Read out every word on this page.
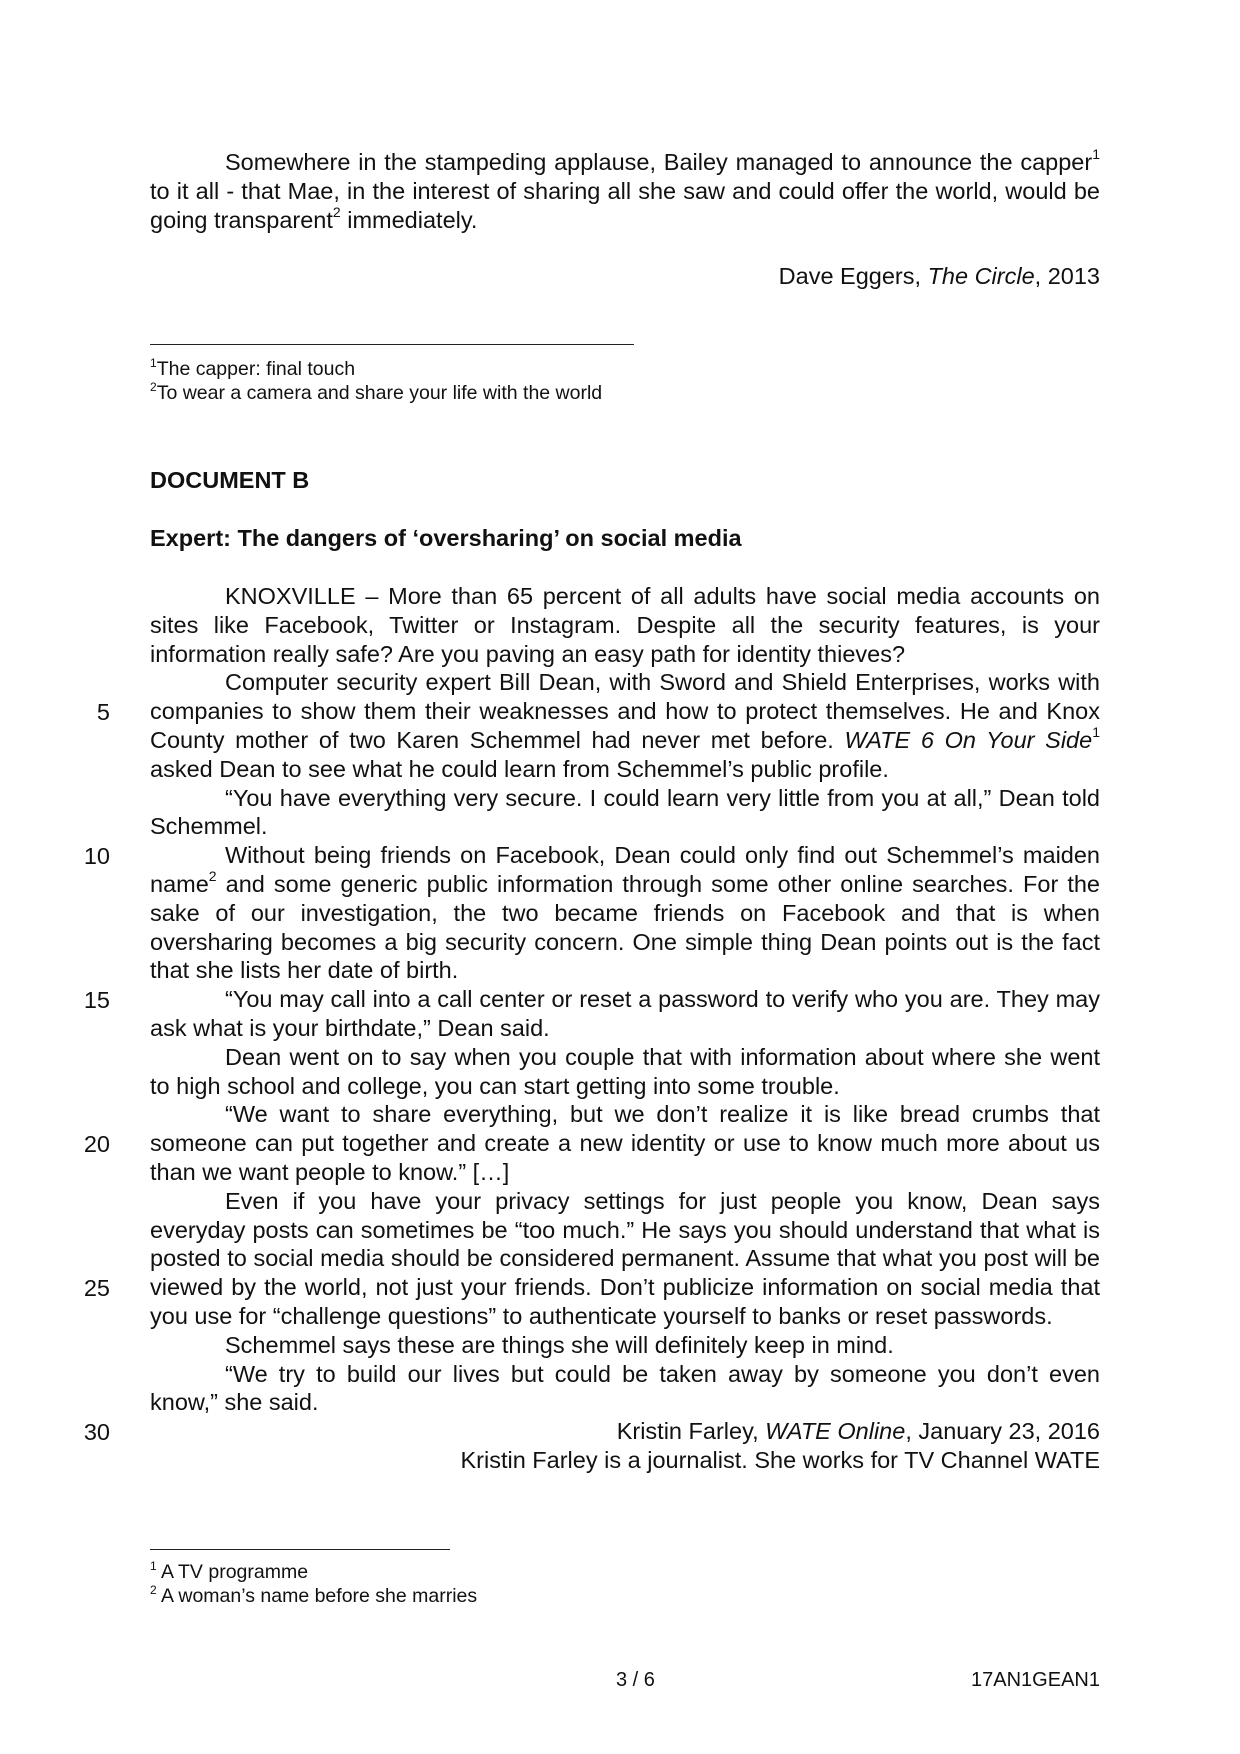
Somewhere in the stampeding applause, Bailey managed to announce the capper$^1$ to it all - that Mae, in the interest of sharing all she saw and could offer the world, would be going transparent$^2$ immediately.
Dave Eggers, The Circle, 2013
$^1$The capper: final touch
$^2$To wear a camera and share your life with the world
DOCUMENT B
Expert: The dangers of ‘oversharing’ on social media

KNOXVILLE – More than 65 percent of all adults have social media accounts on sites like Facebook, Twitter or Instagram. Despite all the security features, is your information really safe? Are you paving an easy path for identity thieves?

Computer security expert Bill Dean, with Sword and Shield Enterprises, works with companies to show them their weaknesses and how to protect themselves. He and Knox County mother of two Karen Schemmel had never met before. WATE 6 On Your Side$^1$ asked Dean to see what he could learn from Schemmel’s public profile.

“You have everything very secure. I could learn very little from you at all,” Dean told Schemmel.

Without being friends on Facebook, Dean could only find out Schemmel’s maiden name$^2$ and some generic public information through some other online searches. For the sake of our investigation, the two became friends on Facebook and that is when oversharing becomes a big security concern. One simple thing Dean points out is the fact that she lists her date of birth.

“You may call into a call center or reset a password to verify who you are. They may ask what is your birthdate,” Dean said.

Dean went on to say when you couple that with information about where she went to high school and college, you can start getting into some trouble.

“We want to share everything, but we don’t realize it is like bread crumbs that someone can put together and create a new identity or use to know much more about us than we want people to know.” […]

Even if you have your privacy settings for just people you know, Dean says everyday posts can sometimes be “too much.” He says you should understand that what is posted to social media should be considered permanent. Assume that what you post will be viewed by the world, not just your friends. Don’t publicize information on social media that you use for “challenge questions” to authenticate yourself to banks or reset passwords.

Schemmel says these are things she will definitely keep in mind.

“We try to build our lives but could be taken away by someone you don’t even know,” she said.

Kristin Farley, WATE Online, January 23, 2016

Kristin Farley is a journalist. She works for TV Channel WATE

5
10
15
20
25
30
$^1$ A TV programme
$^2$ A woman’s name before she marries
3 / 6	17AN1GEAN1
